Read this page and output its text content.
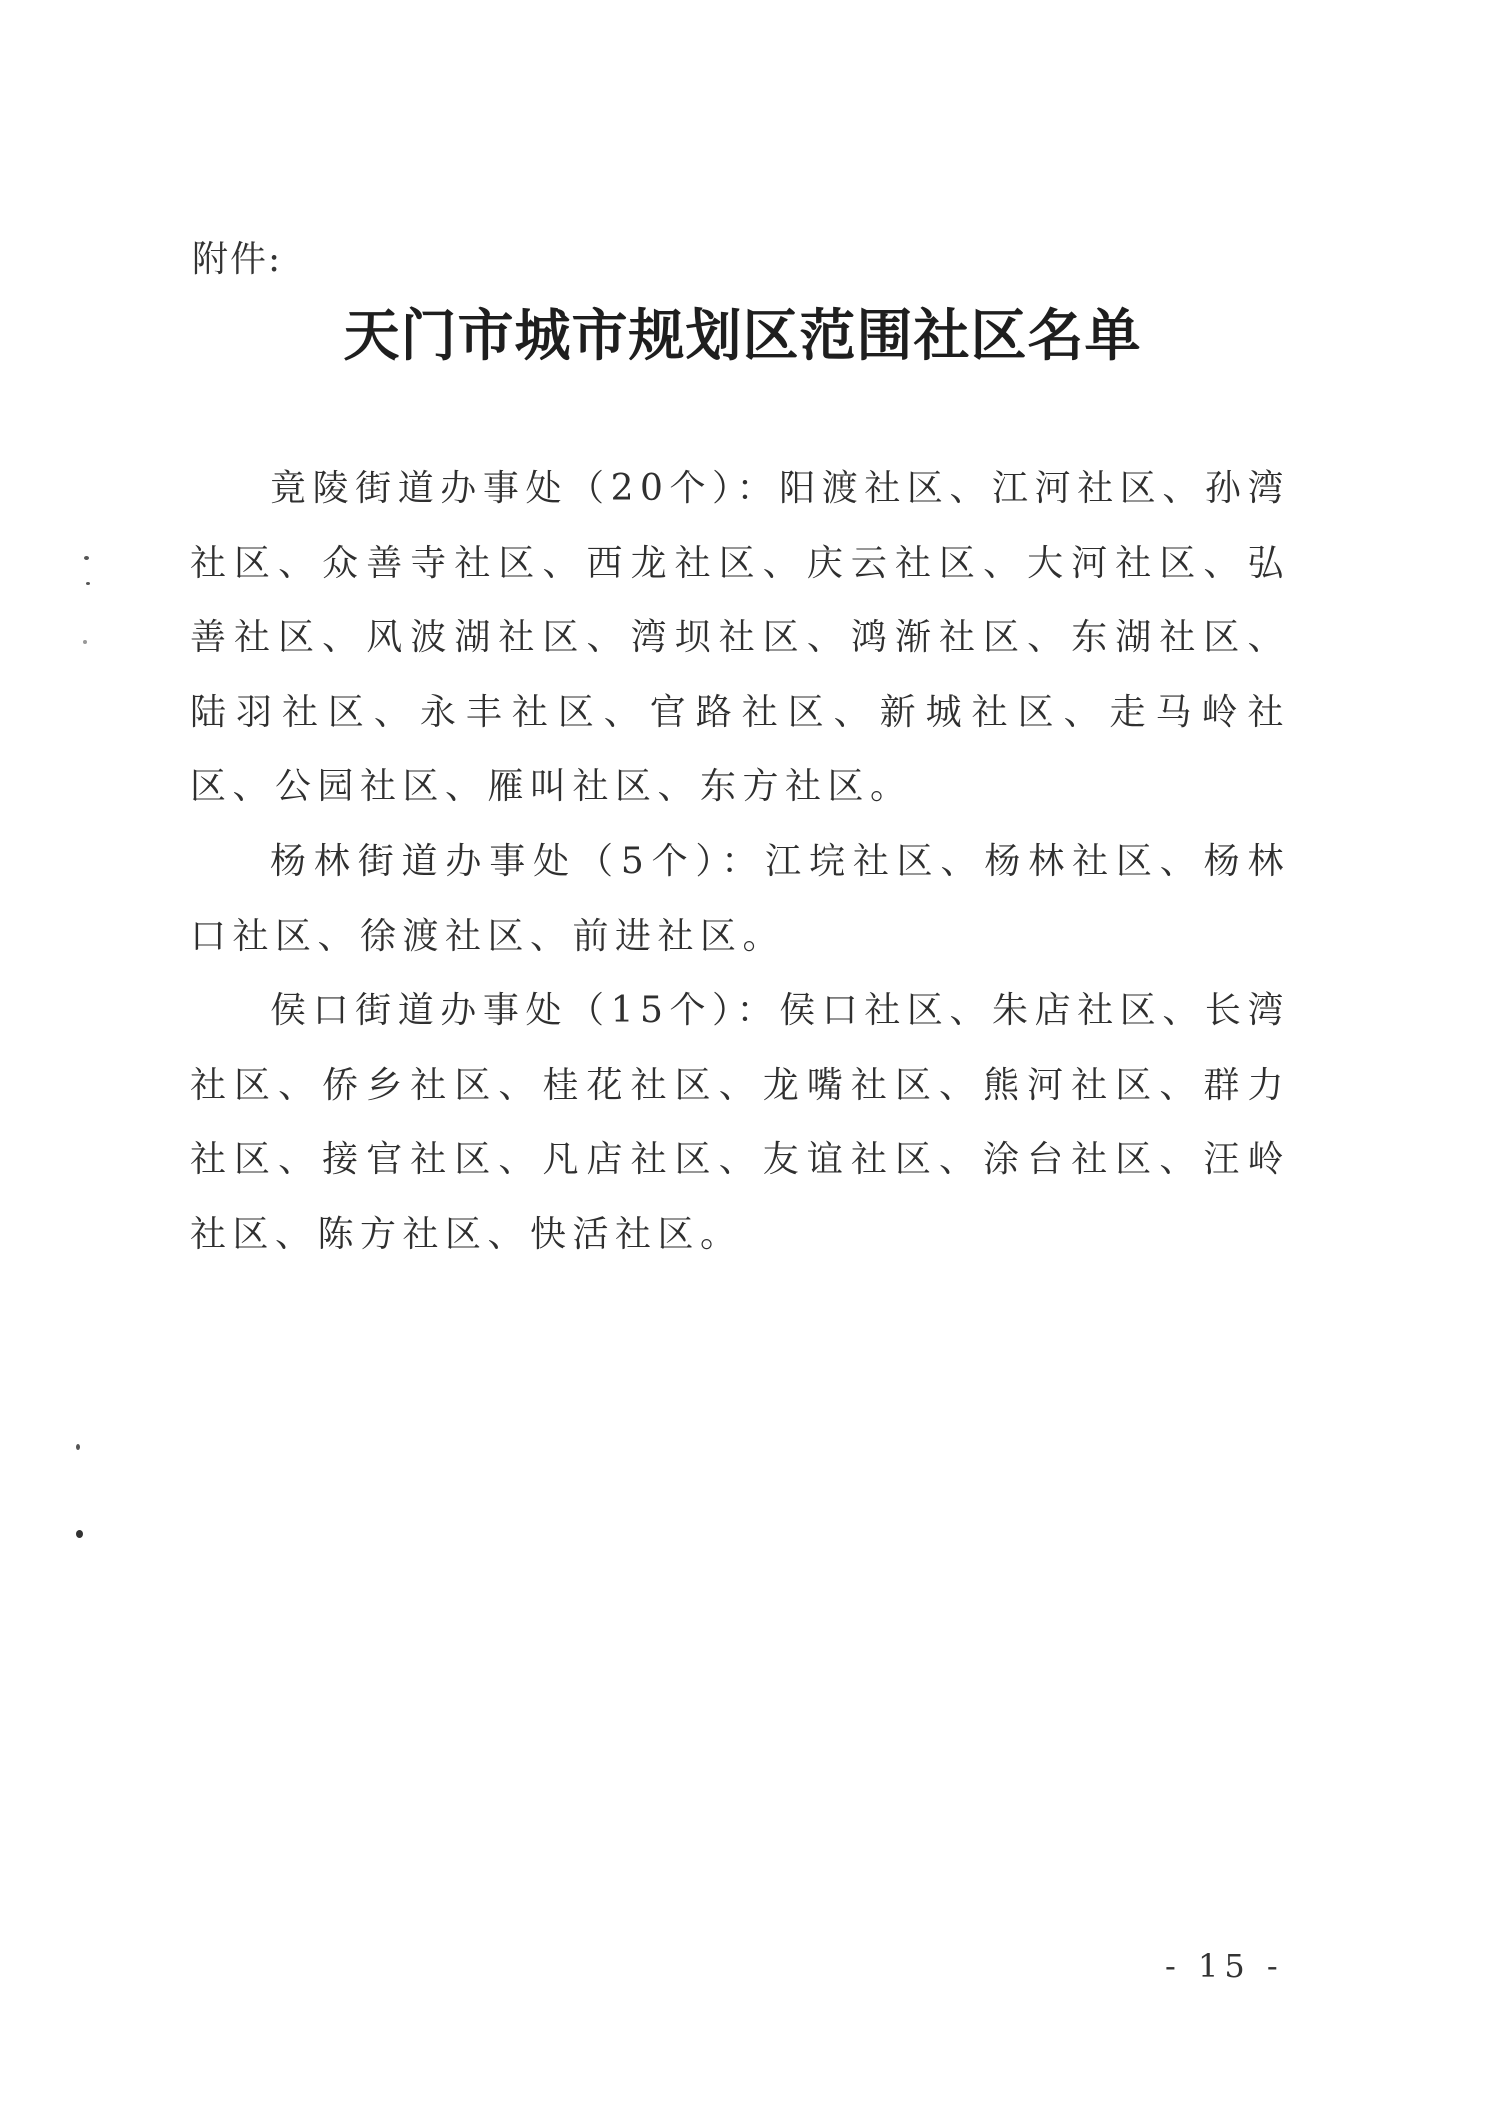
附件:
天门市城市规划区范围社区名单

竟陵街道办事处（20个）：阳渡社区、江河社区、孙湾社区、众善寺社区、西龙社区、庆云社区、大河社区、弘善社区、风波湖社区、湾坝社区、鸿渐社区、东湖社区、陆羽社区、永丰社区、官路社区、新城社区、走马岭社区、公园社区、雁叫社区、东方社区。

杨林街道办事处（5个）：江垸社区、杨林社区、杨林口社区、徐渡社区、前进社区。

侯口街道办事处（15个）：侯口社区、朱店社区、长湾社区、侨乡社区、桂花社区、龙嘴社区、熊河社区、群力社区、接官社区、凡店社区、友谊社区、涂台社区、汪岭社区、陈方社区、快活社区。

- 15 -
